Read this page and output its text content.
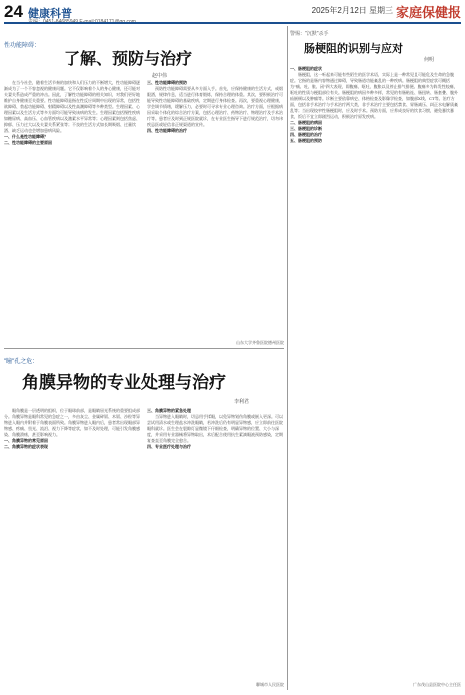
24 健康科普	2025年2月12日 星期三 家庭保健报
性功能障碍：
了解、预防与治疗
赵中伟

在当今社会，随着生活节奏的加快和人们压力的不断增大，性功能障碍逐渐成为了一个不容忽视的健康问题。它不仅影响着个人的身心健康，还可能对夫妻关系造成严重的冲击。因此，了解性功能障碍的相关知识，对我们更好地维护自身健康至关重要。性功能障碍是指在性反应周期中出现的异常，包括性欲障碍、勃起功能障碍、射精障碍以及性高潮障碍等多种类型。生理因素、心理因素以及生活方式等多方面均可能导致该病的发生。生理因素包括慢性疾病如糖尿病、高血压、心血管疾病以及激素水平异常等；心理因素则包括焦虑、抑郁、压力过大以及夫妻关系紧张等；不良的生活方式如长期吸烟、过量饮酒、缺乏运动也会增加患病风险。

一、什么是性功能障碍？

二、性功能障碍的主要原因

三、性功能障碍的预防

预防性功能障碍需要从多方面入手。首先，应保持健康的生活方式，戒烟限酒，规律作息，适当进行体育锻炼，保持合理的体重。其次，要积极治疗可能导致性功能障碍的基础疾病，定期进行身体检查。再次，要重视心理健康，学会调节情绪，缓解压力，必要时可寻求专业心理咨询。治疗方面，应根据病因采取个体化的综合治疗方案，包括心理治疗、药物治疗、物理治疗及手术治疗等。患者应及时到正规医院就诊，在专业医生指导下进行规范治疗，切勿讳疾忌医或轻信非正规渠道的宣传。

四、性功能障碍的治疗

山东大学齐鲁医院德州医院
"瞳"孔之危：
角膜异物的专业处理与治疗
李利君

眼角膜是一层透明的组织，位于眼球前部，是眼睛屈光系统的重要组成部分。角膜异物是眼科常见的急症之一，多由灰尘、金属碎屑、木屑、沙粒等异物进入眼内并附着于角膜表面所致。角膜异物进入眼内后，患者常出现眼部异物感、疼痛、畏光、流泪、视力下降等症状，如不及时处理，可能引发角膜感染、角膜溃疡，甚至影响视力。

一、角膜异物的常见原因

二、角膜异物的症状表现

三、角膜异物的紧急处理

当异物进入眼睛时，切忌用手揉眼，以免异物划伤角膜或嵌入更深。可以尝试用清水或生理盐水冲洗眼睛，若冲洗后仍有明显异物感，应立即前往医院眼科就诊。医生会在裂隙灯显微镜下仔细检查，明确异物的位置、大小与深度，并采用专业器械将异物取出，术后配合使用抗生素滴眼液预防感染，定期复查直至角膜完全愈合。

四、专业医疗处理与治疗

聊城市人民医院
警惕："沉默"杀手
肠梗阻的识别与应对
何明

一、肠梗阻的症状

肠梗阻，这一听起来可能有些陌生的医学术语，实际上是一种常见且可能危及生命的急腹症。它指的是肠内容物通过障碍，导致肠道功能紊乱的一种疾病。肠梗阻的典型症状可概括为"痛、吐、胀、闭"四大表现，即腹痛、呕吐、腹胀以及停止排气排便。腹痛多为阵发性绞痛，呕吐的性质与梗阻部位有关。肠梗阻的病因多种多样，常见的有肠粘连、肠扭转、肠套叠、腹外疝嵌顿以及肿瘤等。诊断主要依靠病史、体格检查及影像学检查，如腹部X线、CT等。治疗方面，包括非手术治疗与手术治疗两大类，非手术治疗主要包括禁食、胃肠减压、纠正水电解质紊乱等；当出现绞窄性肠梗阻时，应及时手术。预防方面，应养成良好的饮食习惯，避免暴饮暴食，饭后不宜立即剧烈运动，积极治疗原发疾病。

二、肠梗阻的病因

三、肠梗阻的诊断

四、肠梗阻的治疗

五、肠梗阻的预防

广东茂山县医院中心主任医
